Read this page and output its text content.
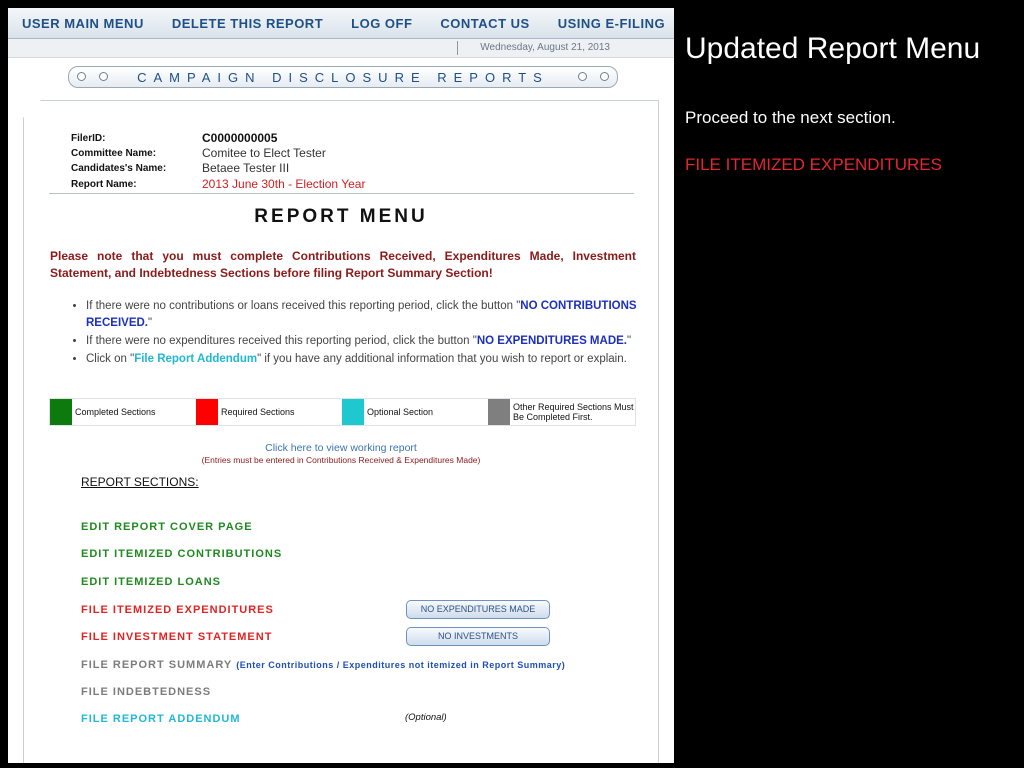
USER MAIN MENU	DELETE THIS REPORT	LOG OFF	CONTACT US	USING E-FILING
Wednesday, August 21, 2013
CAMPAIGN DISCLOSURE REPORTS
FilerID:	C0000000005
Committee Name:	Comitee to Elect Tester
Candidates's Name:	Betaee Tester III
Report Name:	2013 June 30th - Election Year
REPORT MENU
Please note that you must complete Contributions Received, Expenditures Made, Investment Statement, and Indebtedness Sections before filing Report Summary Section!
• If there were no contributions or loans received this reporting period, click the button "NO CONTRIBUTIONS RECEIVED."
• If there were no expenditures received this reporting period, click the button "NO EXPENDITURES MADE."
• Click on "File Report Addendum" if you have any additional information that you wish to report or explain.
Completed Sections	Required Sections	Optional Section	Other Required Sections Must Be Completed First.
Click here to view working report
(Entries must be entered in Contributions Received & Expenditures Made)
REPORT SECTIONS:
EDIT REPORT COVER PAGE
EDIT ITEMIZED CONTRIBUTIONS
EDIT ITEMIZED LOANS
FILE ITEMIZED EXPENDITURES	NO EXPENDITURES MADE
FILE INVESTMENT STATEMENT	NO INVESTMENTS
FILE REPORT SUMMARY (Enter Contributions / Expenditures not itemized in Report Summary)
FILE INDEBTEDNESS
FILE REPORT ADDENDUM	(Optional)
Updated Report Menu
Proceed to the next section.
FILE ITEMIZED EXPENDITURES
